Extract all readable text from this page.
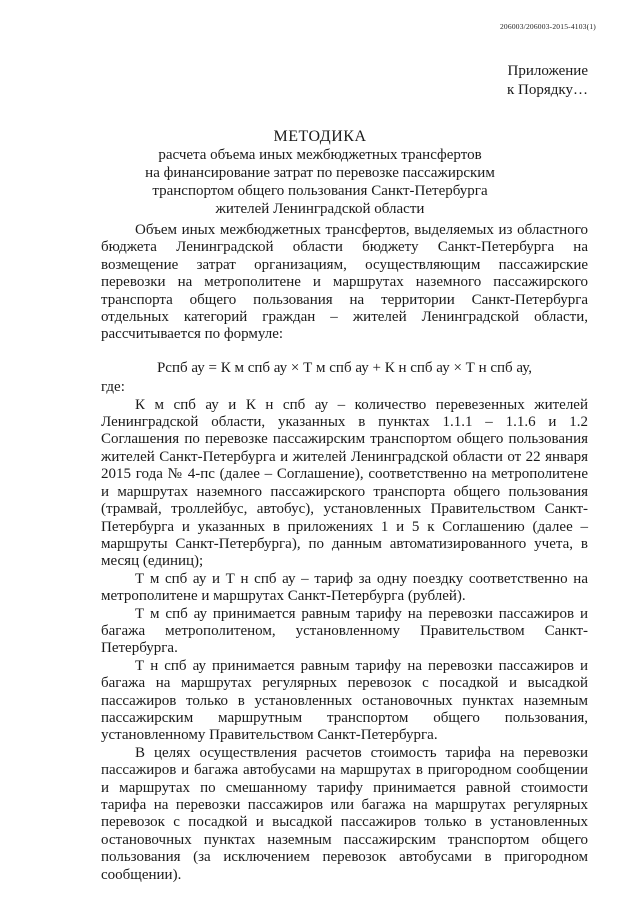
206003/206003-2015-4103(1)
Приложение
к Порядку…
МЕТОДИКА
расчета объема иных межбюджетных трансфертов
на финансирование затрат по перевозке пассажирским
транспортом общего пользования Санкт-Петербурга
жителей Ленинградской области

Объем иных межбюджетных трансфертов, выделяемых из областного бюджета Ленинградской области бюджету Санкт-Петербурга на возмещение затрат организациям, осуществляющим пассажирские перевозки на метрополитене и маршрутах наземного пассажирского транспорта общего пользования на территории Санкт-Петербурга отдельных категорий граждан – жителей Ленинградской области, рассчитывается по формуле:

Рспб ау = К м спб ау × Т м спб ау + К н спб ау × Т н спб ау,

где:

К м спб ау и К н спб ау – количество перевезенных жителей Ленинградской области, указанных в пунктах 1.1.1 – 1.1.6 и 1.2 Соглашения по перевозке пассажирским транспортом общего пользования жителей Санкт-Петербурга и жителей Ленинградской области от 22 января 2015 года № 4-пс (далее – Соглашение), соответственно на метрополитене и маршрутах наземного пассажирского транспорта общего пользования (трамвай, троллейбус, автобус), установленных Правительством Санкт-Петербурга и указанных в приложениях 1 и 5 к Соглашению (далее – маршруты Санкт-Петербурга), по данным автоматизированного учета, в месяц (единиц);

Т м спб ау и Т н спб ау – тариф за одну поездку соответственно на метрополитене и маршрутах Санкт-Петербурга (рублей).

Т м спб ау принимается равным тарифу на перевозки пассажиров и багажа метрополитеном, установленному Правительством Санкт-Петербурга.

Т н спб ау принимается равным тарифу на перевозки пассажиров и багажа на маршрутах регулярных перевозок с посадкой и высадкой пассажиров только в установленных остановочных пунктах наземным пассажирским маршрутным транспортом общего пользования, установленному Правительством Санкт-Петербурга.

В целях осуществления расчетов стоимость тарифа на перевозки пассажиров и багажа автобусами на маршрутах в пригородном сообщении и маршрутах по смешанному тарифу принимается равной стоимости тарифа на перевозки пассажиров или багажа на маршрутах регулярных перевозок с посадкой и высадкой пассажиров только в установленных остановочных пунктах наземным пассажирским транспортом общего пользования (за исключением перевозок автобусами в пригородном сообщении).
